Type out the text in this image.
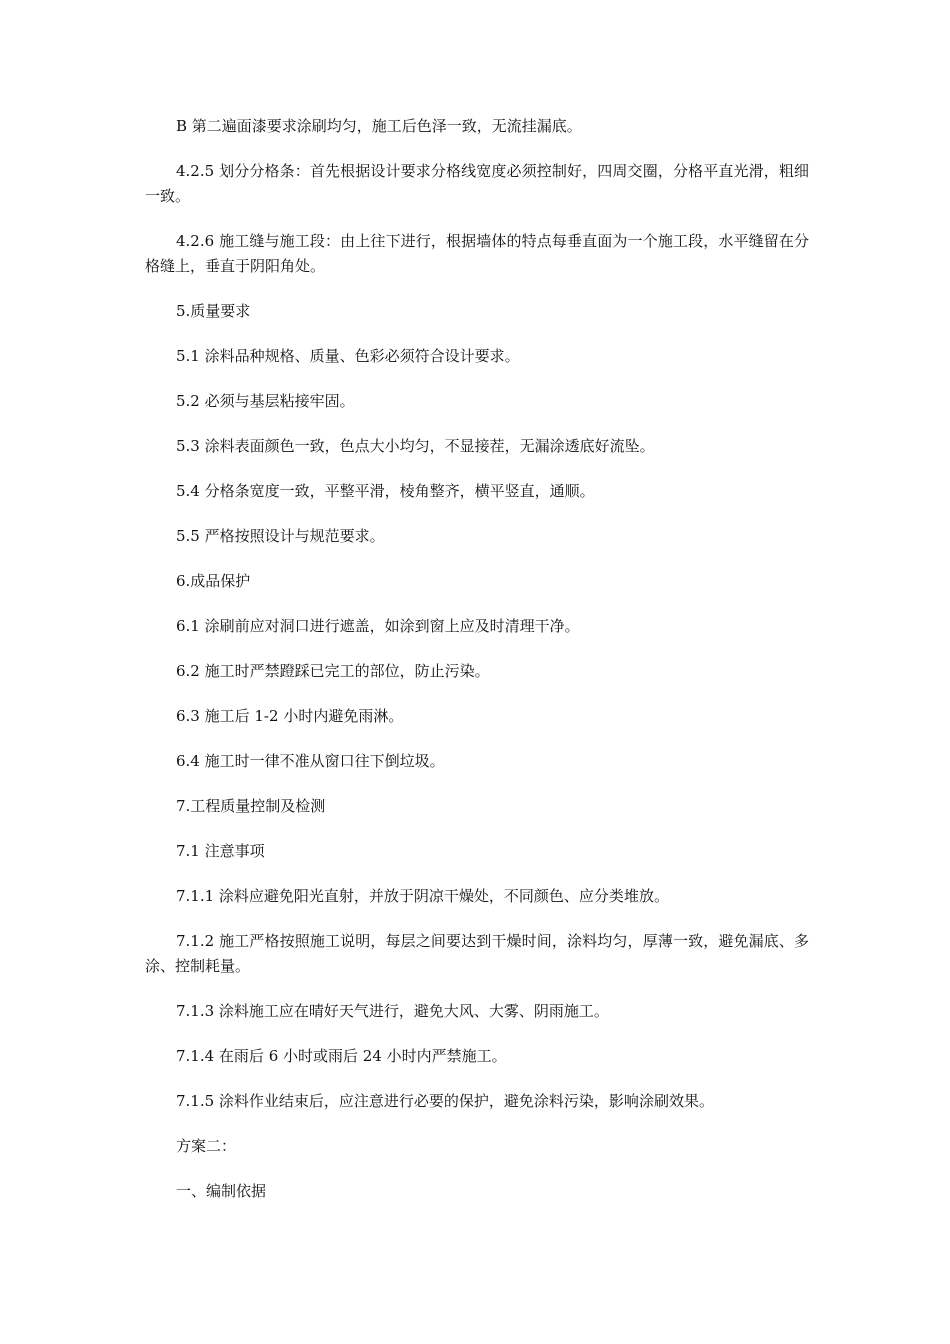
B 第二遍面漆要求涂刷均匀，施工后色泽一致，无流挂漏底。

4.2.5 划分分格条：首先根据设计要求分格线宽度必须控制好，四周交圈，分格平直光滑，粗细一致。

4.2.6 施工缝与施工段：由上往下进行，根据墙体的特点每垂直面为一个施工段，水平缝留在分格缝上，垂直于阴阳角处。

5.质量要求

5.1 涂料品种规格、质量、色彩必须符合设计要求。

5.2 必须与基层粘接牢固。

5.3 涂料表面颜色一致，色点大小均匀，不显接茬，无漏涂透底好流坠。

5.4 分格条宽度一致，平整平滑，棱角整齐，横平竖直，通顺。

5.5 严格按照设计与规范要求。

6.成品保护

6.1 涂刷前应对洞口进行遮盖，如涂到窗上应及时清理干净。

6.2 施工时严禁蹬踩已完工的部位，防止污染。

6.3 施工后 1-2 小时内避免雨淋。

6.4 施工时一律不准从窗口往下倒垃圾。

7.工程质量控制及检测

7.1 注意事项

7.1.1 涂料应避免阳光直射，并放于阴凉干燥处，不同颜色、应分类堆放。

7.1.2 施工严格按照施工说明，每层之间要达到干燥时间，涂料均匀，厚薄一致，避免漏底、多涂、控制耗量。

7.1.3 涂料施工应在晴好天气进行，避免大风、大雾、阴雨施工。

7.1.4 在雨后 6 小时或雨后 24 小时内严禁施工。

7.1.5 涂料作业结束后，应注意进行必要的保护，避免涂料污染，影响涂刷效果。

方案二：

一、编制依据
